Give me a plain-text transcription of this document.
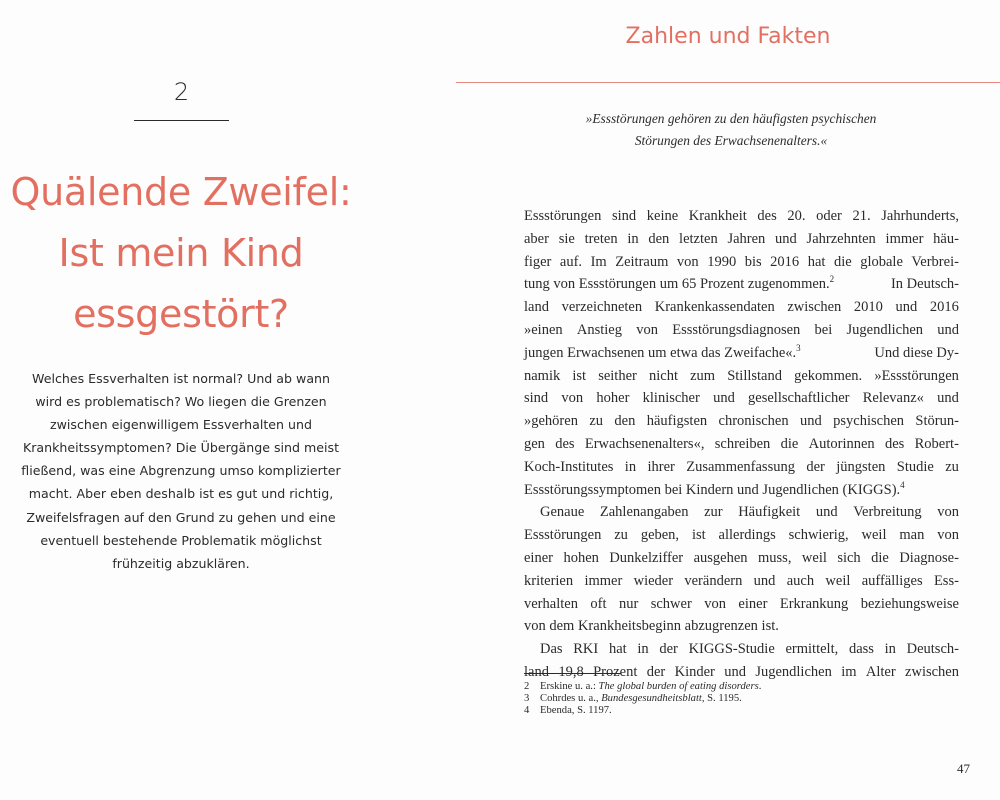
2
Quälende Zweifel:
Ist mein Kind
essgestört?
Welches Essverhalten ist normal? Und ab wann
wird es problematisch? Wo liegen die Grenzen
zwischen eigenwilligem Essverhalten und
Krankheitssymptomen? Die Übergänge sind meist
fließend, was eine Abgrenzung umso komplizierter
macht. Aber eben deshalb ist es gut und richtig,
Zweifelsfragen auf den Grund zu gehen und eine
eventuell bestehende Problematik möglichst
frühzeitig abzuklären.
Zahlen und Fakten
»Essstörungen gehören zu den häufigsten psychischen
Störungen des Erwachsenenalters.«
Essstörungen sind keine Krankheit des 20. oder 21. Jahrhunderts,
aber sie treten in den letzten Jahren und Jahrzehnten immer häu-
figer auf. Im Zeitraum von 1990 bis 2016 hat die globale Verbrei-
tung von Essstörungen um 65 Prozent zugenommen.$^2$	In Deutsch-
land verzeichneten Krankenkassendaten zwischen 2010 und 2016
»einen Anstieg von Essstörungsdiagnosen bei Jugendlichen und
jungen Erwachsenen um etwa das Zweifache«.$^3$	Und diese Dy-
namik ist seither nicht zum Stillstand gekommen. »Essstörungen
sind von hoher klinischer und gesellschaftlicher Relevanz« und
»gehören zu den häufigsten chronischen und psychischen Störun-
gen des Erwachsenenalters«, schreiben die Autorinnen des Robert-
Koch-Institutes in ihrer Zusammenfassung der jüngsten Studie zu
Essstörungssymptomen bei Kindern und Jugendlichen (KIGGS).$^4$
Genaue Zahlenangaben zur Häufigkeit und Verbreitung von
Essstörungen zu geben, ist allerdings schwierig, weil man von
einer hohen Dunkelziffer ausgehen muss, weil sich die Diagnose-
kriterien immer wieder verändern und auch weil auffälliges Ess-
verhalten oft nur schwer von einer Erkrankung beziehungsweise
von dem Krankheitsbeginn abzugrenzen ist.
Das RKI hat in der KIGGS-Studie ermittelt, dass in Deutsch-
land 19,8 Prozent der Kinder und Jugendlichen im Alter zwischen
2 Erskine u. a.: The global burden of eating disorders.
3 Cohrdes u. a., Bundesgesundheitsblatt, S. 1195.
4 Ebenda, S. 1197.
47
